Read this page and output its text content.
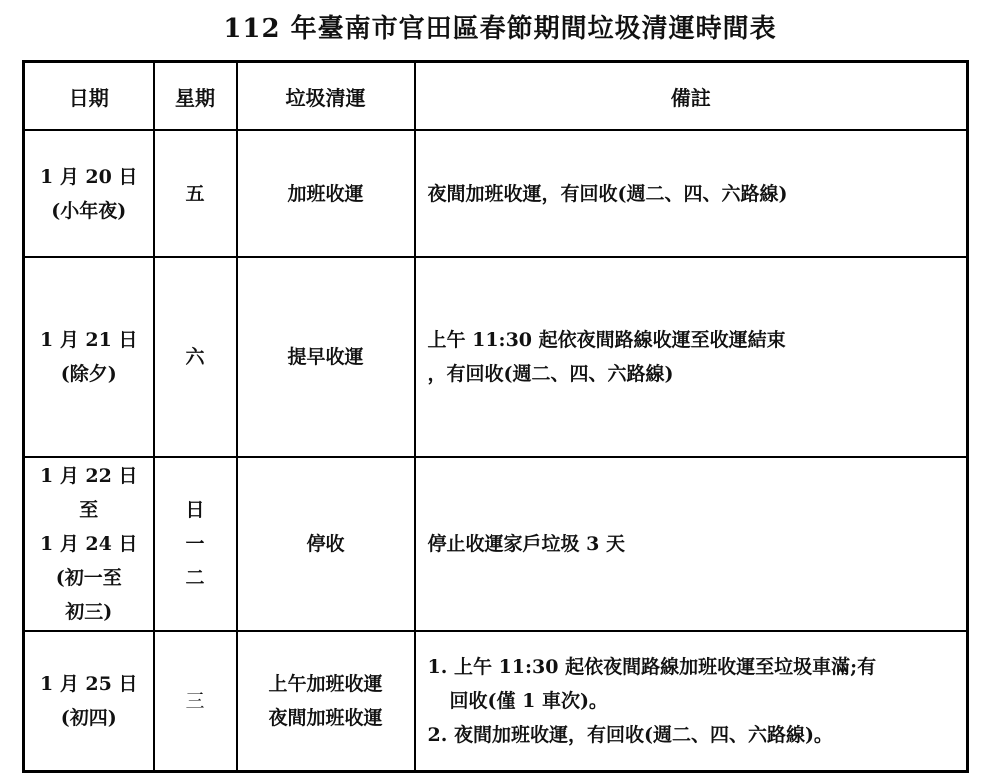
112 年臺南市官田區春節期間垃圾清運時間表
日期	星期	垃圾清運	備註

1 月 20 日
(小年夜)	五	加班收運	夜間加班收運，有回收(週二、四、六路線)

1 月 21 日
(除夕)	六	提早收運	上午 11:30 起依夜間路線收運至收運結束
，有回收(週二、四、六路線)

1 月 22 日
至
1 月 24 日
(初一至
初三)	日
一
二	停收	停止收運家戶垃圾 3 天

1 月 25 日
(初四)	三	上午加班收運
夜間加班收運	1. 上午 11:30 起依夜間路線加班收運至垃圾車滿;有
回收(僅 1 車次)。
2. 夜間加班收運，有回收(週二、四、六路線)。
